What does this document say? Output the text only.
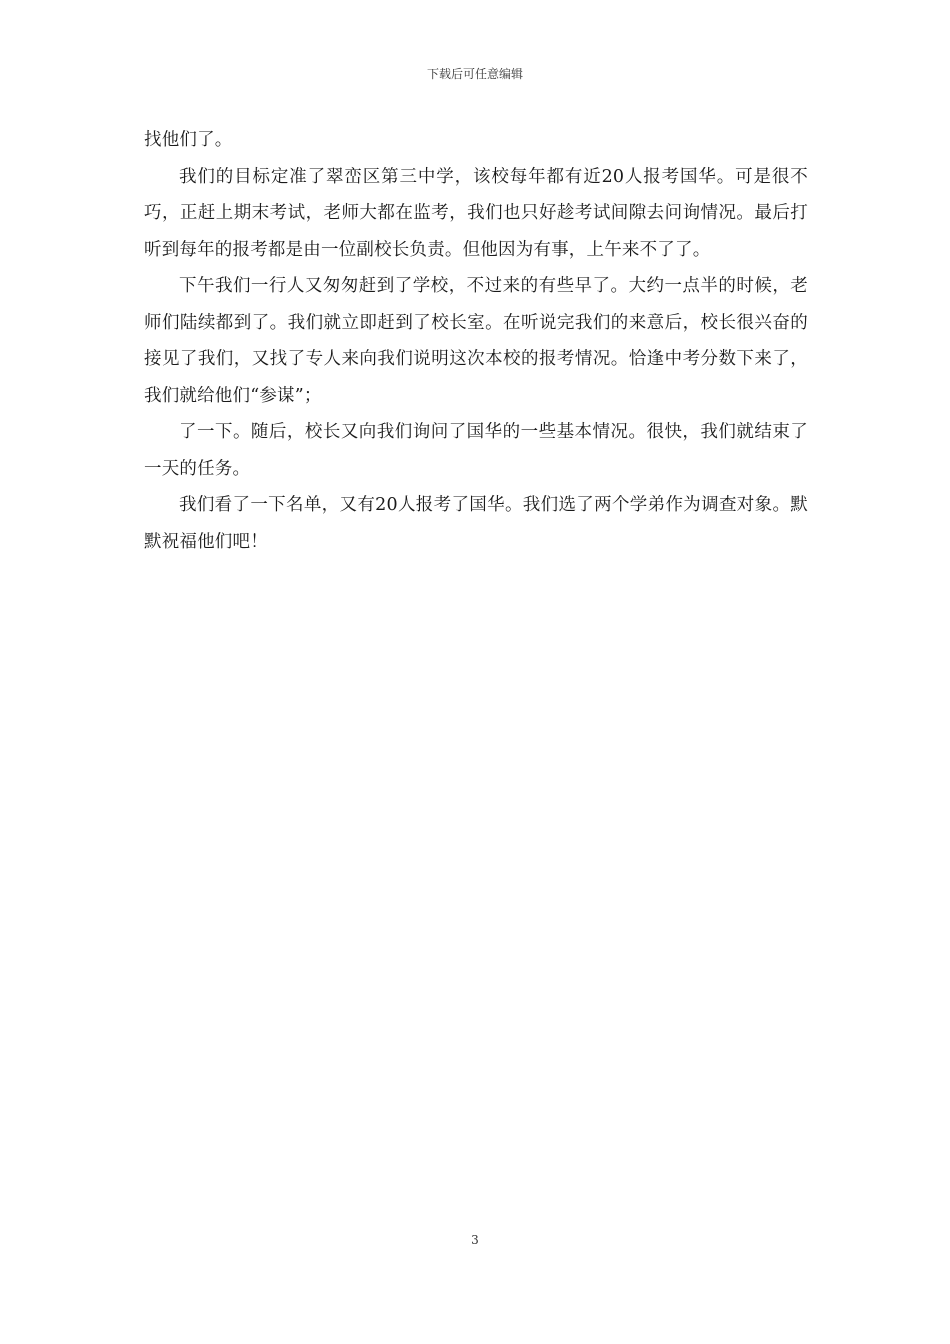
下载后可任意编辑

找他们了。

我们的目标定准了翠峦区第三中学，该校每年都有近20人报考国华。可是很不巧，正赶上期末考试，老师大都在监考，我们也只好趁考试间隙去问询情况。最后打听到每年的报考都是由一位副校长负责。但他因为有事，上午来不了了。

下午我们一行人又匆匆赶到了学校，不过来的有些早了。大约一点半的时候，老师们陆续都到了。我们就立即赶到了校长室。在听说完我们的来意后，校长很兴奋的接见了我们，又找了专人来向我们说明这次本校的报考情况。恰逢中考分数下来了，我们就给他们“参谋”；

了一下。随后，校长又向我们询问了国华的一些基本情况。很快，我们就结束了一天的任务。

我们看了一下名单，又有20人报考了国华。我们选了两个学弟作为调查对象。默默祝福他们吧！

3
